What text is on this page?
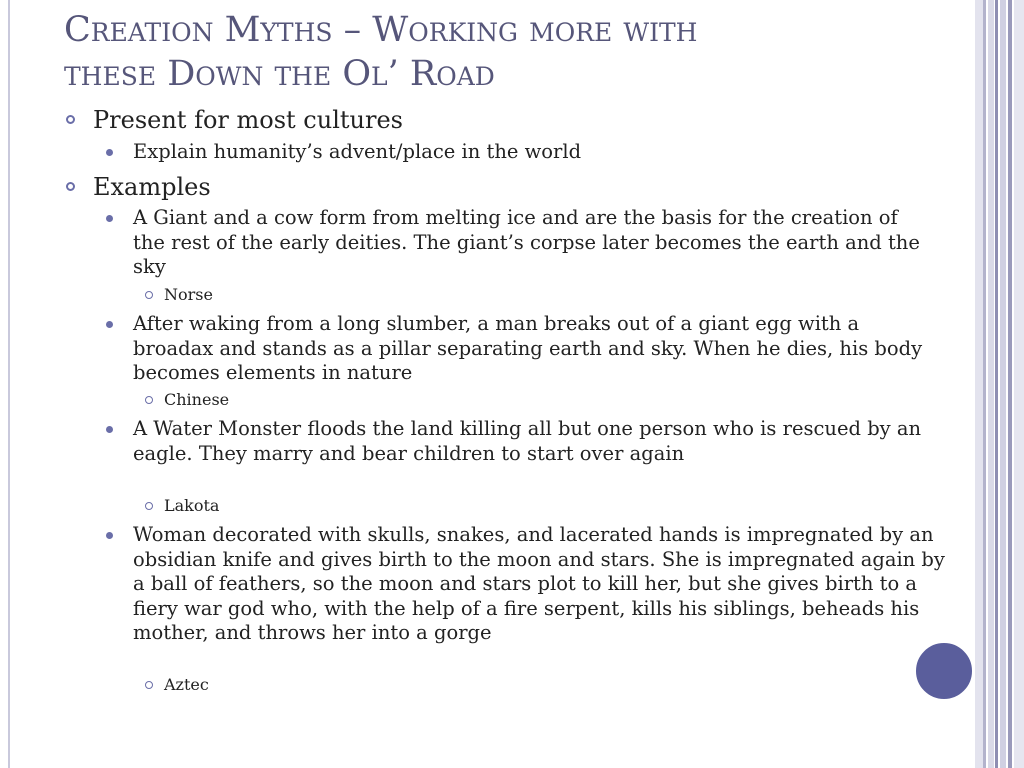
Creation Myths – Working more with
these Down the Ol’ Road
Present for most cultures
Explain humanity’s advent/place in the world
Examples
A Giant and a cow form from melting ice and are the basis for the creation of the rest of the early deities. The giant’s corpse later becomes the earth and the sky
Norse
After waking from a long slumber, a man breaks out of a giant egg with a broadax and stands as a pillar separating earth and sky. When he dies, his body becomes elements in nature
Chinese
A Water Monster floods the land killing all but one person who is rescued by an eagle. They marry and bear children to start over again
Lakota
Woman decorated with skulls, snakes, and lacerated hands is impregnated by an obsidian knife and gives birth to the moon and stars. She is impregnated again by a ball of feathers, so the moon and stars plot to kill her, but she gives birth to a fiery war god who, with the help of a fire serpent, kills his siblings, beheads his mother, and throws her into a gorge
Aztec
